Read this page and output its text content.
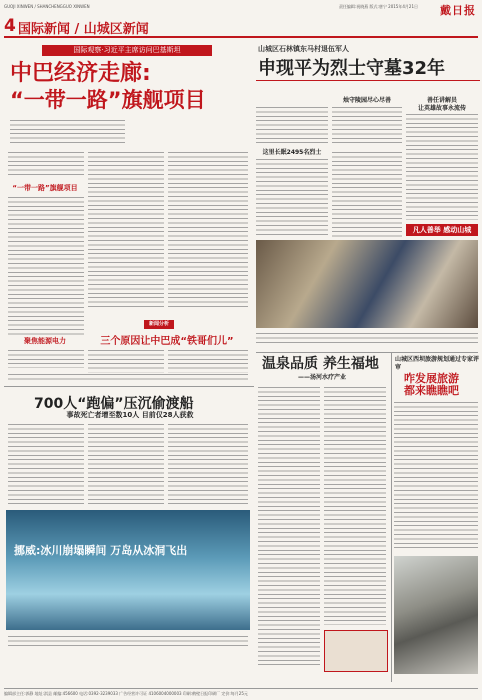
GUOJI XINWEN / SHANCHENGGUO XINWEN	责任编辑:祝晓燕 版式:唐宁 2015年4月21日 戴日报
4 国际新闻 / 山城区新闻
国际观察·习近平主席访问巴基斯坦
中巴经济走廊:
“一带一路”旗舰项目
“一带一路”旗舰项目
聚焦能源电力
新闻分析
三个原因让中巴成“铁哥们儿”
山城区石林镇东马村退伍军人
申现平为烈士守墓32年
烛守陵园尽心尽善
这里长眠2495名烈士
善任讲解员
让英雄故事永流传
凡人善举 感动山城
700人“跑偏”压沉偷渡船
事故死亡者增至数10人 目前仅28人获救
挪威:冰川崩塌瞬间 万岛从冰洞飞出
温泉品质 养生福地
——汤河水疗产业
山城区西坝旅游规划通过专家评审
咋发展旅游
都来瞧瞧吧
编辑部主任:郭静 地址:淇县 邮编:456600 电话:0392-3239033 广告经营许可证 4106004000003 印刷:鹤壁日报印刷厂 定价:每月25元
